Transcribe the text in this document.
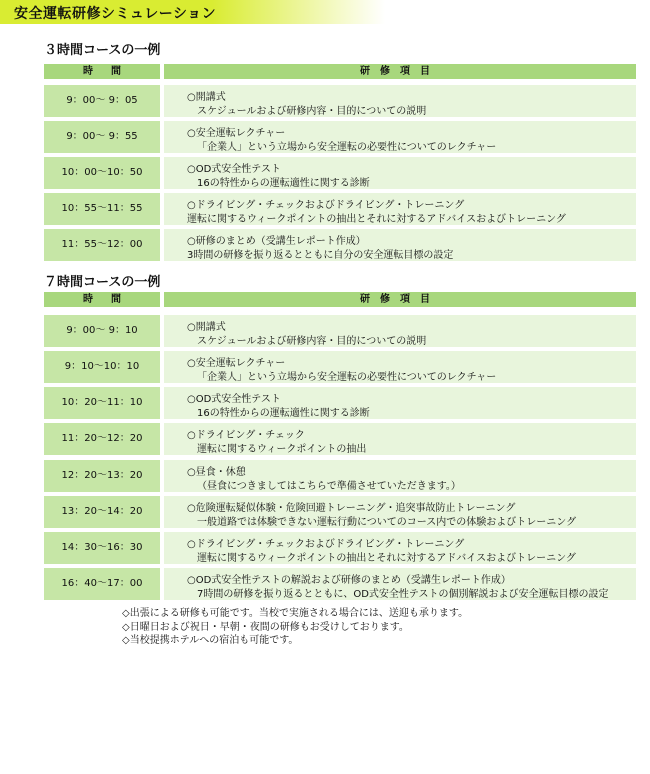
安全運転研修シミュレーション
３時間コースの一例
時間	研修項目
9：00～ 9：05	○開講式
スケジュールおよび研修内容・目的についての説明
9：00～ 9：55	○安全運転レクチャー
「企業人」という立場から安全運転の必要性についてのレクチャー
10：00～10：50	○OD式安全性テスト
16の特性からの運転適性に関する診断
10：55～11：55	○ドライビング・チェックおよびドライビング・トレーニング
運転に関するウィークポイントの抽出とそれに対するアドバイスおよびトレーニング
11：55～12：00	○研修のまとめ（受講生レポート作成）
3時間の研修を振り返るとともに自分の安全運転目標の設定
７時間コースの一例
時間	研修項目
9：00～ 9：10	○開講式
スケジュールおよび研修内容・目的についての説明
9：10～10：10	○安全運転レクチャー
「企業人」という立場から安全運転の必要性についてのレクチャー
10：20～11：10	○OD式安全性テスト
16の特性からの運転適性に関する診断
11：20～12：20	○ドライビング・チェック
運転に関するウィークポイントの抽出
12：20～13：20	○昼食・休憩
（昼食につきましてはこちらで準備させていただきます。）
13：20～14：20	○危険運転疑似体験・危険回避トレーニング・追突事故防止トレーニング
一般道路では体験できない運転行動についてのコース内での体験およびトレーニング
14：30～16：30	○ドライビング・チェックおよびドライビング・トレーニング
運転に関するウィークポイントの抽出とそれに対するアドバイスおよびトレーニング
16：40～17：00	○OD式安全性テストの解説および研修のまとめ（受講生レポート作成）
7時間の研修を振り返るとともに、OD式安全性テストの個別解説および安全運転目標の設定
◇出張による研修も可能です。当校で実施される場合には、送迎も承ります。
◇日曜日および祝日・早朝・夜間の研修もお受けしております。
◇当校提携ホテルへの宿泊も可能です。
